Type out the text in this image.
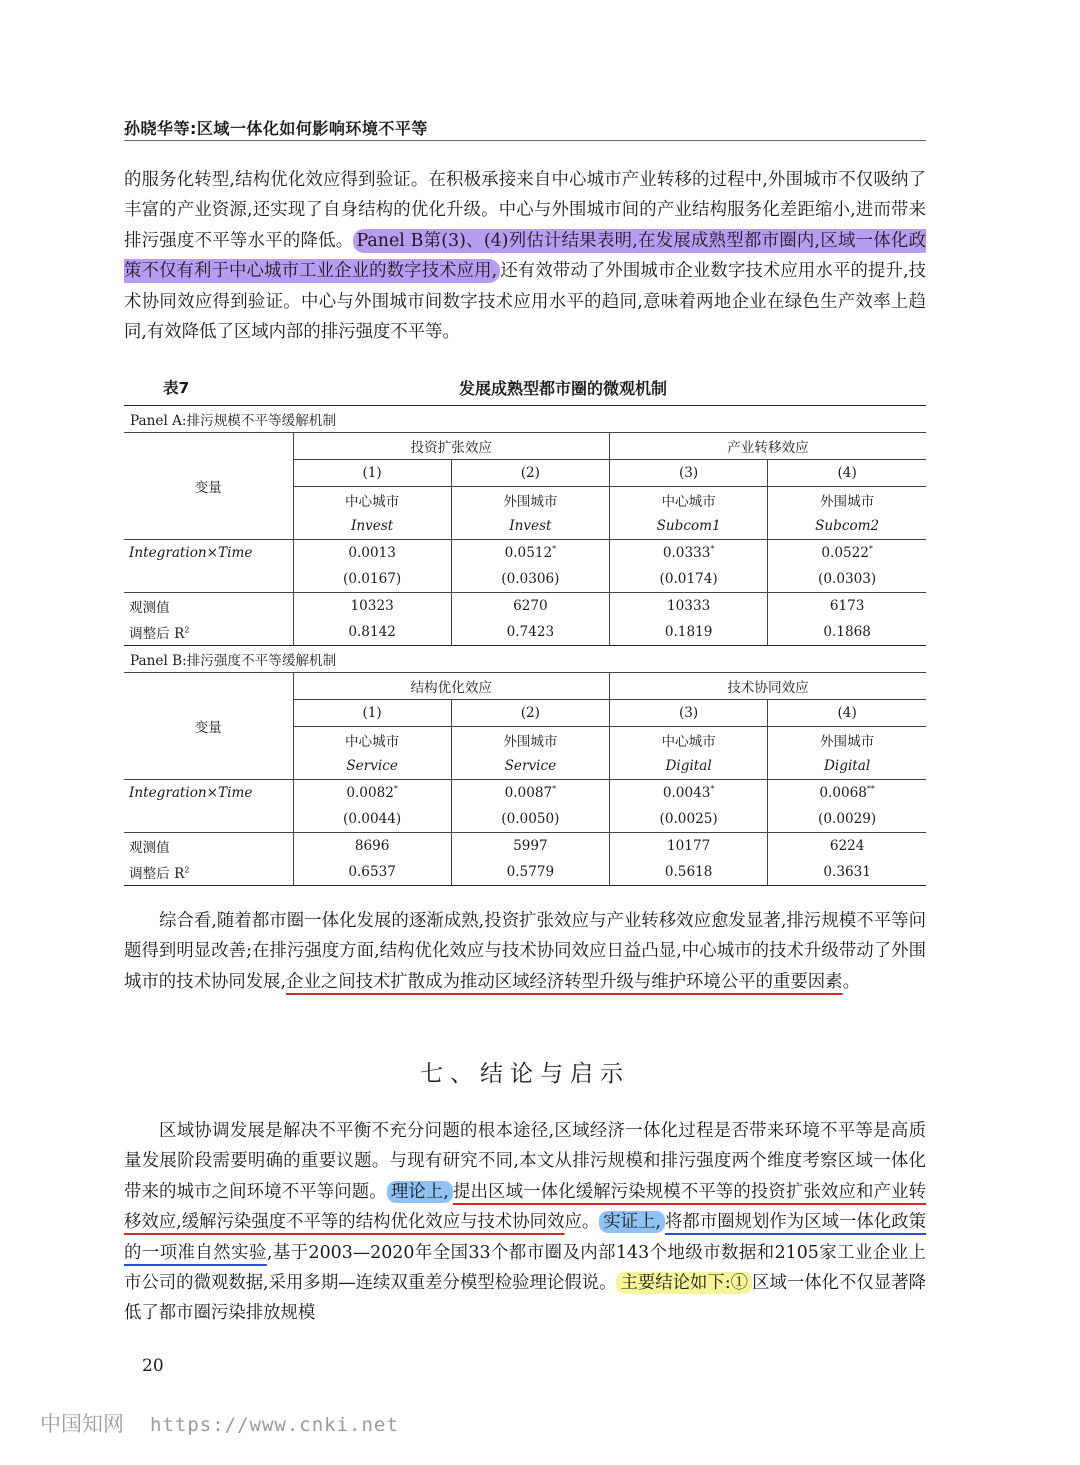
孙晓华等:区域一体化如何影响环境不平等

的服务化转型,结构优化效应得到验证。在积极承接来自中心城市产业转移的过程中,外围城市不仅吸纳了丰富的产业资源,还实现了自身结构的优化升级。中心与外围城市间的产业结构服务化差距缩小,进而带来排污强度不平等水平的降低。 Panel B第(3)、(4)列估计结果表明,在发展成熟型都市圈内,区域一体化政策不仅有利于中心城市工业企业的数字技术应用, 还有效带动了外围城市企业数字技术应用水平的提升,技术协同效应得到验证。中心与外围城市间数字技术应用水平的趋同,意味着两地企业在绿色生产效率上趋同,有效降低了区域内部的排污强度不平等。

表7	发展成熟型都市圈的微观机制
Panel A:排污规模不平等缓解机制				
变量	投资扩张效应		产业转移效应	
	(1)	(2)	(3)	(4)
	中心城市	外围城市	中心城市	外围城市
	Invest	Invest	Subcom1	Subcom2
Integration×Time	0.0013	0.0512*	0.0333*	0.0522*
	(0.0167)	(0.0306)	(0.0174)	(0.0303)
观测值	10323	6270	10333	6173
调整后 $R^2$	0.8142	0.7423	0.1819	0.1868
Panel B:排污强度不平等缓解机制				
变量	结构优化效应		技术协同效应	
	(1)	(2)	(3)	(4)
	中心城市	外围城市	中心城市	外围城市
	Service	Service	Digital	Digital
Integration×Time	0.0082*	0.0087*	0.0043*	0.0068**
	(0.0044)	(0.0050)	(0.0025)	(0.0029)
观测值	8696	5997	10177	6224
调整后 $R^2$	0.6537	0.5779	0.5618	0.3631

综合看,随着都市圈一体化发展的逐渐成熟,投资扩张效应与产业转移效应愈发显著,排污规模不平等问题得到明显改善;在排污强度方面,结构优化效应与技术协同效应日益凸显,中心城市的技术升级带动了外围城市的技术协同发展,企业之间技术扩散成为推动区域经济转型升级与维护环境公平的重要因素。

七、结论与启示

区域协调发展是解决不平衡不充分问题的根本途径,区域经济一体化过程是否带来环境不平等是高质量发展阶段需要明确的重要议题。与现有研究不同,本文从排污规模和排污强度两个维度考察区域一体化带来的城市之间环境不平等问题。 理论上, 提出区域一体化缓解污染规模不平等的投资扩张效应和产业转移效应,缓解污染强度不平等的结构优化效应与技术协同效应。 实证上, 将都市圈规划作为区域一体化政策的一项准自然实验,基于2003—2020年全国33个都市圈及内部143个地级市数据和2105家工业企业上市公司的微观数据,采用多期—连续双重差分模型检验理论假说。 主要结论如下:① 区域一体化不仅显著降低了都市圈污染排放规模

20
中国知网 https://www.cnki.net
